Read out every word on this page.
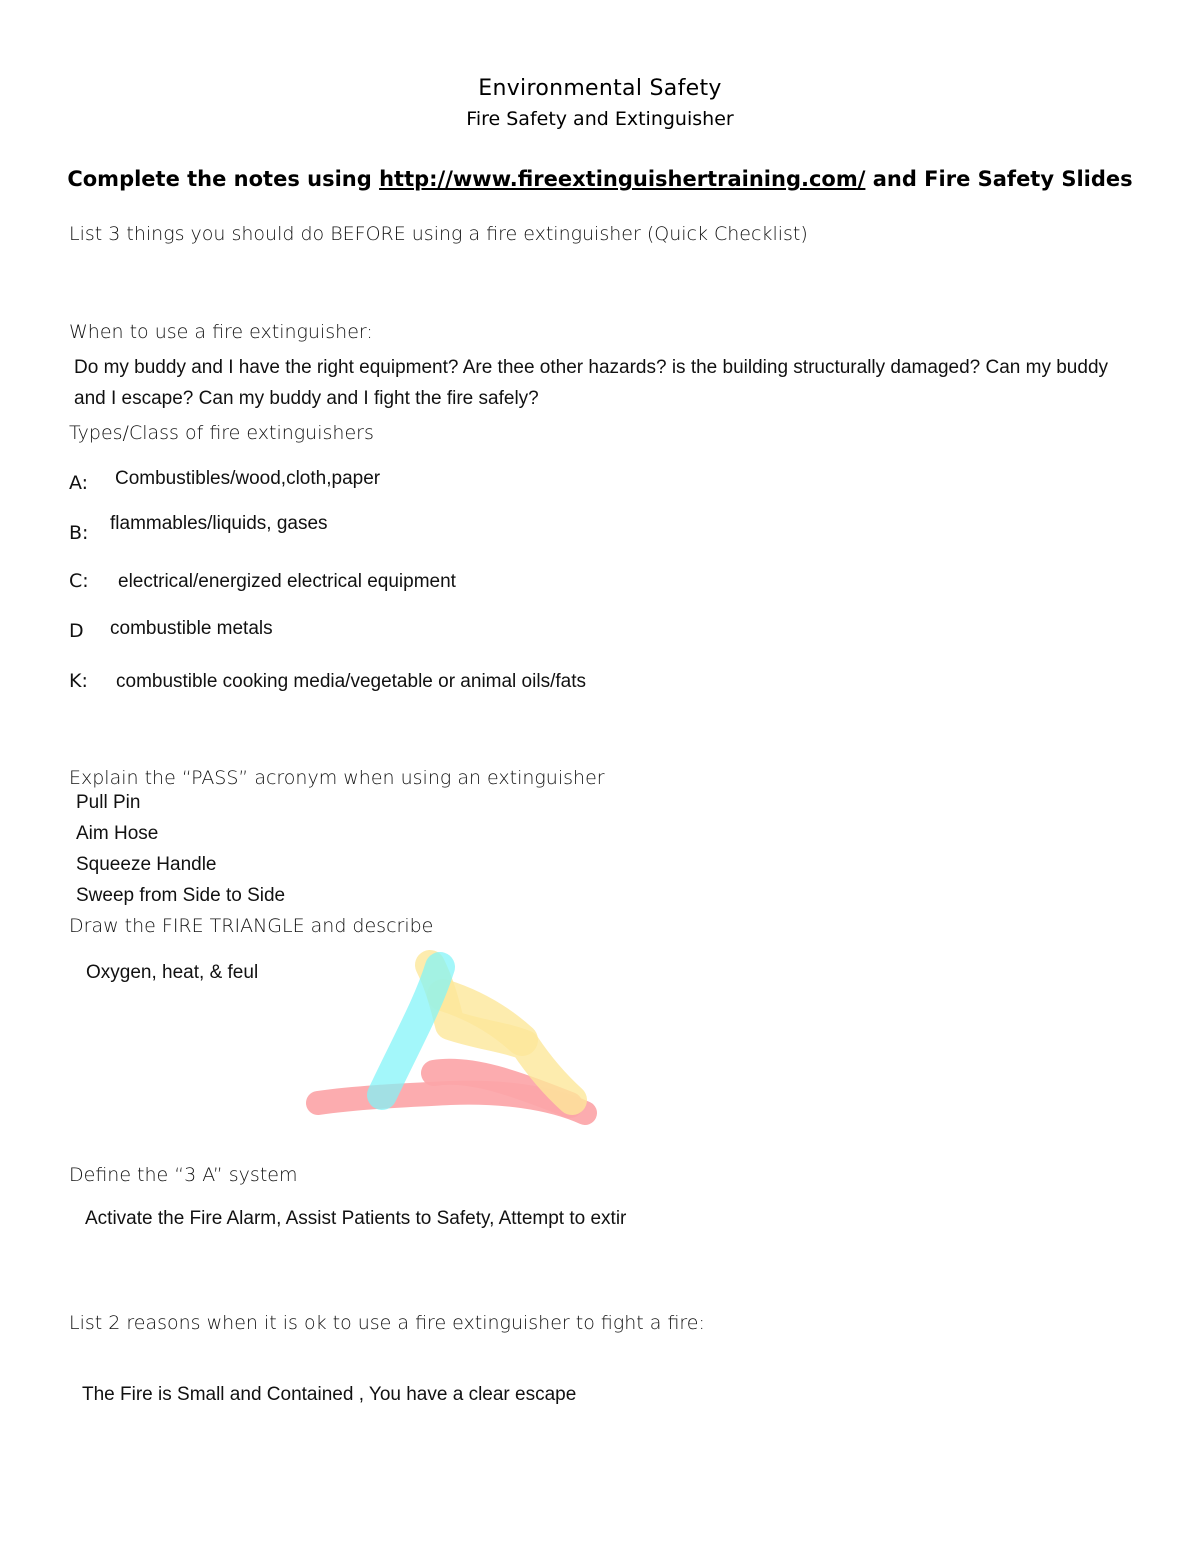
Environmental Safety
Fire Safety and Extinguisher
Complete the notes using http://www.fireextinguishertraining.com/ and Fire Safety Slides
List 3 things you should do BEFORE using a fire extinguisher (Quick Checklist)
When to use a fire extinguisher:
Do my buddy and I have the right equipment? Are thee other hazards? is the building structurally damaged? Can my buddy
and I escape? Can my buddy and I fight the fire safely?
Types/Class of fire extinguishers
A: Combustibles/wood,cloth,paper
B: flammables/liquids, gases
C: electrical/energized electrical equipment
D combustible metals
K: combustible cooking media/vegetable or animal oils/fats
Explain the “PASS” acronym when using an extinguisher
Pull Pin
Aim Hose
Squeeze Handle
Sweep from Side to Side
Draw the FIRE TRIANGLE and describe
Oxygen, heat, & feul
Define the “3 A” system
Activate the Fire Alarm, Assist Patients to Safety, Attempt to extir
List 2 reasons when it is ok to use a fire extinguisher to fight a fire:
The Fire is Small and Contained , You have a clear escape
